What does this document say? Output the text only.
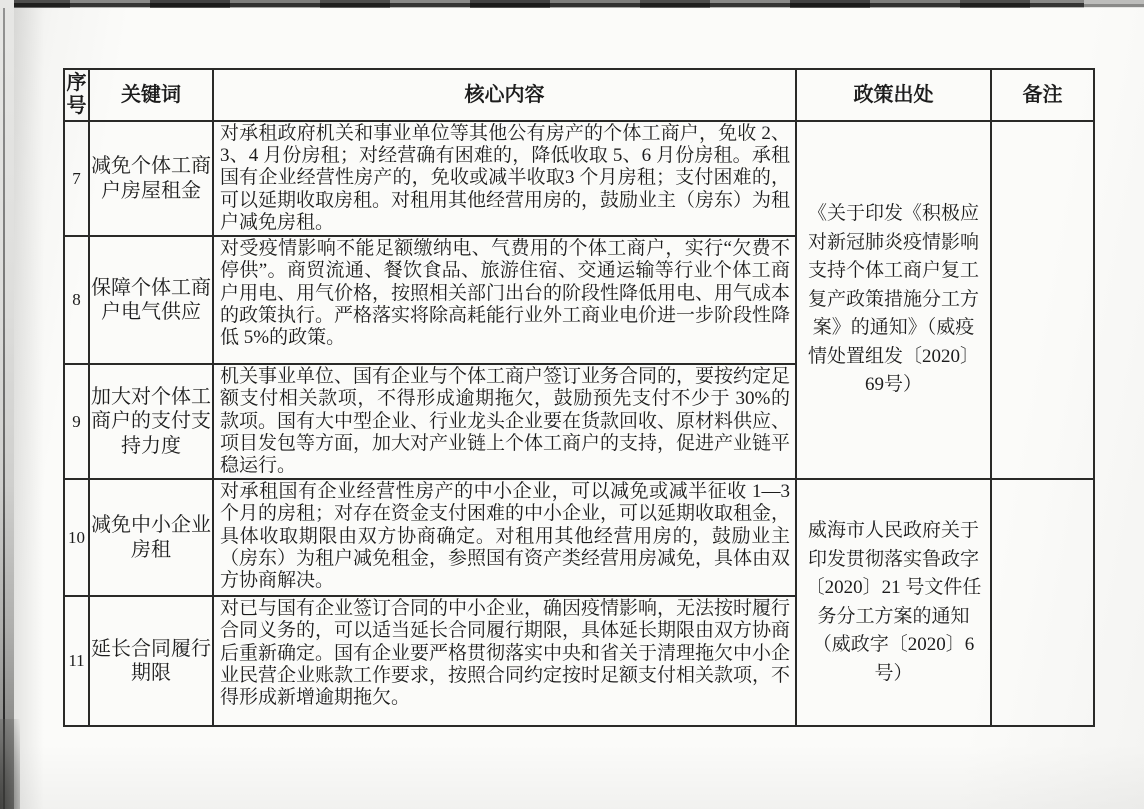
序号	关键词	核心内容	政策出处	备注
7	减免个体工商户房屋租金	对承租政府机关和事业单位等其他公有房产的个体工商户，免收 2、3、4 月份房租；对经营确有困难的，降低收取 5、6 月份房租。承租国有企业经营性房产的，免收或减半收取3 个月房租；支付困难的，可以延期收取房租。对租用其他经营用房的，鼓励业主（房东）为租户减免房租。	《关于印发《积极应对新冠肺炎疫情影响支持个体工商户复工复产政策措施分工方案》的通知》（威疫情处置组发〔2020〕69号）	
8	保障个体工商户电气供应	对受疫情影响不能足额缴纳电、气费用的个体工商户，实行“欠费不停供”。商贸流通、餐饮食品、旅游住宿、交通运输等行业个体工商户用电、用气价格，按照相关部门出台的阶段性降低用电、用气成本的政策执行。严格落实将除高耗能行业外工商业电价进一步阶段性降低 5%的政策。		
9	加大对个体工商户的支付支持力度	机关事业单位、国有企业与个体工商户签订业务合同的，要按约定足额支付相关款项，不得形成逾期拖欠，鼓励预先支付不少于 30%的款项。国有大中型企业、行业龙头企业要在货款回收、原材料供应、项目发包等方面，加大对产业链上个体工商户的支持，促进产业链平稳运行。		
10	减免中小企业房租	对承租国有企业经营性房产的中小企业，可以减免或减半征收 1—3 个月的房租；对存在资金支付困难的中小企业，可以延期收取租金，具体收取期限由双方协商确定。对租用其他经营用房的，鼓励业主（房东）为租户减免租金，参照国有资产类经营用房减免，具体由双方协商解决。	威海市人民政府关于印发贯彻落实鲁政字〔2020〕21 号文件任务分工方案的通知（威政字〔2020〕6号）	
11	延长合同履行期限	对已与国有企业签订合同的中小企业，确因疫情影响，无法按时履行合同义务的，可以适当延长合同履行期限，具体延长期限由双方协商后重新确定。国有企业要严格贯彻落实中央和省关于清理拖欠中小企业民营企业账款工作要求，按照合同约定按时足额支付相关款项，不得形成新增逾期拖欠。		
